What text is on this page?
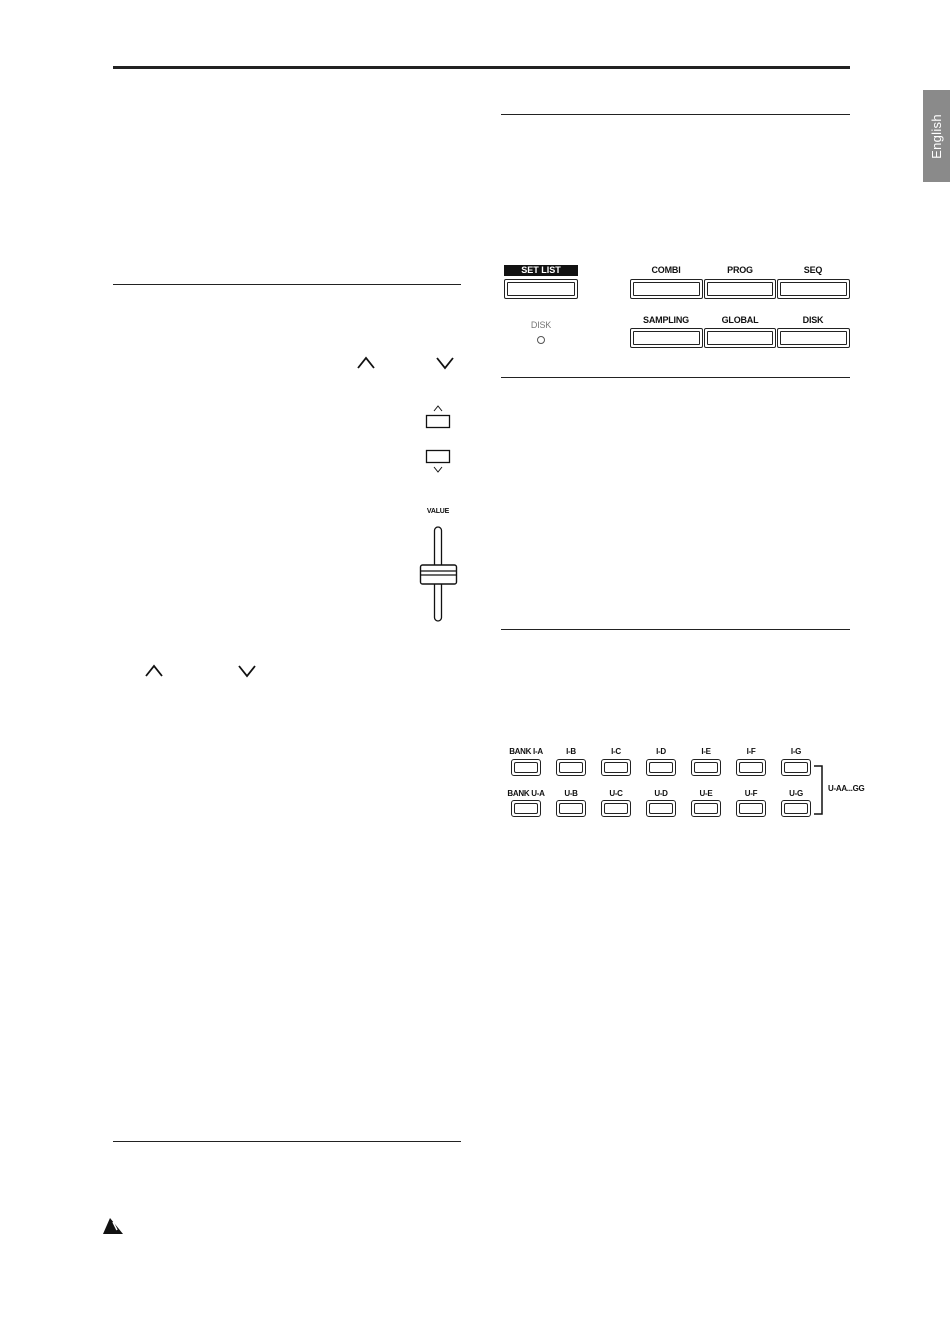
English
VALUE
SET LIST
DISK
COMBI	PROG	SEQ
SAMPLING	GLOBAL	DISK
BANK I-A	I-B	I-C	I-D	I-E	I-F	I-G
BANK U-A U-B	U-C	U-D	U-E	U-F	U-G
U-AA...GG
